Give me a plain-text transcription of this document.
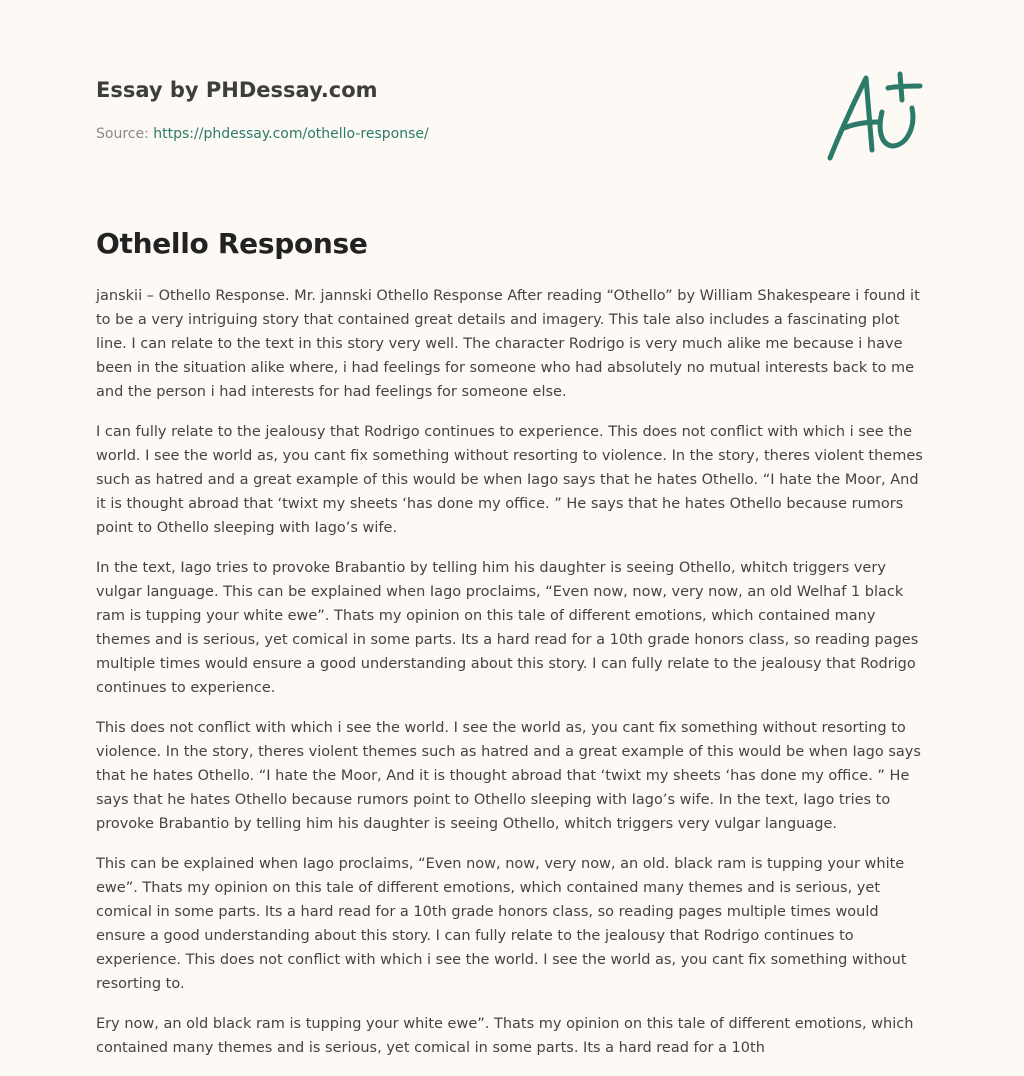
Essay by PHDessay.com
Source: https://phdessay.com/othello-response/
Othello Response

janskii – Othello Response. Mr. jannski Othello Response After reading “Othello” by William Shakespeare i found it to be a very intriguing story that contained great details and imagery. This tale also includes a fascinating plot line. I can relate to the text in this story very well. The character Rodrigo is very much alike me because i have been in the situation alike where, i had feelings for someone who had absolutely no mutual interests back to me and the person i had interests for had feelings for someone else.

I can fully relate to the jealousy that Rodrigo continues to experience. This does not conflict with which i see the world. I see the world as, you cant fix something without resorting to violence. In the story, theres violent themes such as hatred and a great example of this would be when Iago says that he hates Othello. “I hate the Moor, And it is thought abroad that ‘twixt my sheets ‘has done my office. ” He says that he hates Othello because rumors point to Othello sleeping with Iago’s wife.

In the text, Iago tries to provoke Brabantio by telling him his daughter is seeing Othello, whitch triggers very vulgar language. This can be explained when Iago proclaims, “Even now, now, very now, an old Welhaf 1 black ram is tupping your white ewe”. Thats my opinion on this tale of different emotions, which contained many themes and is serious, yet comical in some parts. Its a hard read for a 10th grade honors class, so reading pages multiple times would ensure a good understanding about this story. I can fully relate to the jealousy that Rodrigo continues to experience.

This does not conflict with which i see the world. I see the world as, you cant fix something without resorting to violence. In the story, theres violent themes such as hatred and a great example of this would be when Iago says that he hates Othello. “I hate the Moor, And it is thought abroad that ‘twixt my sheets ‘has done my office. ” He says that he hates Othello because rumors point to Othello sleeping with Iago’s wife. In the text, Iago tries to provoke Brabantio by telling him his daughter is seeing Othello, whitch triggers very vulgar language.

This can be explained when Iago proclaims, “Even now, now, very now, an old. black ram is tupping your white ewe”. Thats my opinion on this tale of different emotions, which contained many themes and is serious, yet comical in some parts. Its a hard read for a 10th grade honors class, so reading pages multiple times would ensure a good understanding about this story. I can fully relate to the jealousy that Rodrigo continues to experience. This does not conflict with which i see the world. I see the world as, you cant fix something without resorting to.

Ery now, an old black ram is tupping your white ewe”. Thats my opinion on this tale of different emotions, which contained many themes and is serious, yet comical in some parts. Its a hard read for a 10th
